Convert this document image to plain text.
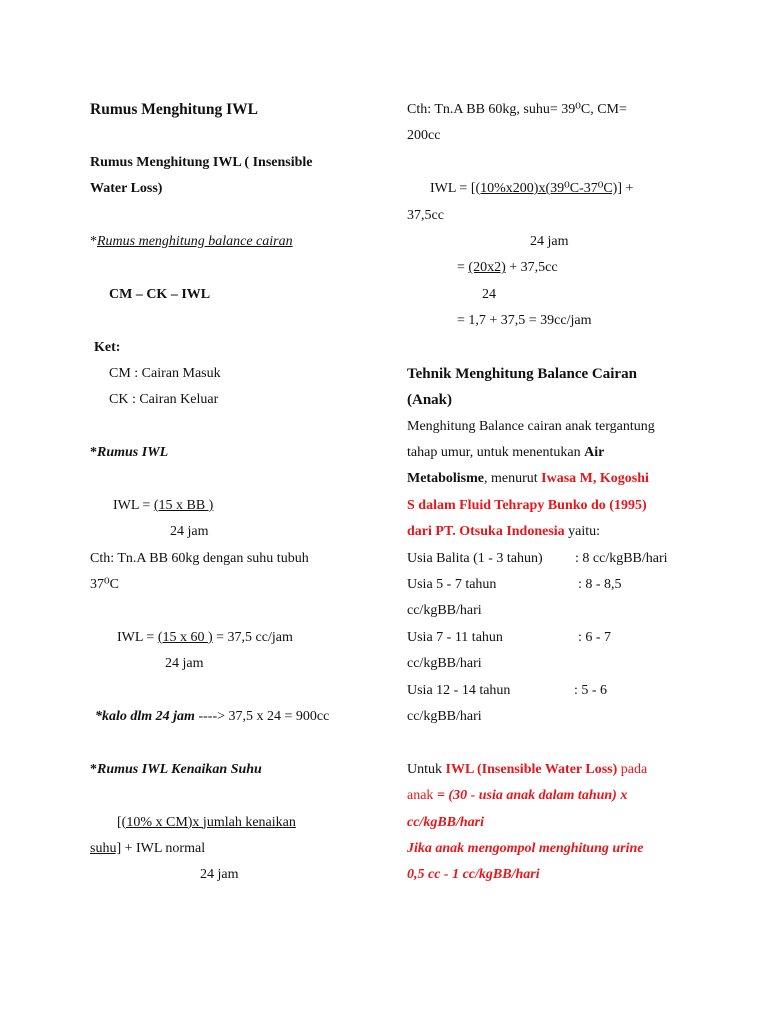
Rumus Menghitung IWL
Rumus Menghitung IWL ( Insensible
Water Loss)
*Rumus menghitung balance cairan
CM – CK – IWL
Ket:
CM : Cairan Masuk
CK : Cairan Keluar
*Rumus IWL
IWL = (15 x BB )
24 jam
Cth: Tn.A BB 60kg dengan suhu tubuh
37⁰C
IWL = (15 x 60 ) = 37,5 cc/jam
24 jam
*kalo dlm 24 jam ----> 37,5 x 24 = 900cc
*Rumus IWL Kenaikan Suhu
[(10% x CM)x jumlah kenaikan
suhu] + IWL normal
24 jam
Cth: Tn.A BB 60kg, suhu= 39⁰C, CM=
200cc
IWL = [(10%x200)x(39⁰C-37⁰C)] +
37,5cc
24 jam
= (20x2) + 37,5cc
24
= 1,7 + 37,5 = 39cc/jam
Tehnik Menghitung Balance Cairan
(Anak)
Menghitung Balance cairan anak tergantung
tahap umur, untuk menentukan Air
Metabolisme, menurut Iwasa M, Kogoshi
S dalam Fluid Tehrapy Bunko do (1995)
dari PT. Otsuka Indonesia yaitu:
Usia Balita (1 - 3 tahun) : 8 cc/kgBB/hari
Usia 5 - 7 tahun	: 8 - 8,5
cc/kgBB/hari
Usia 7 - 11 tahun	: 6 - 7
cc/kgBB/hari
Usia 12 - 14 tahun	: 5 - 6
cc/kgBB/hari
Untuk IWL (Insensible Water Loss) pada
anak = (30 - usia anak dalam tahun) x
cc/kgBB/hari
Jika anak mengompol menghitung urine
0,5 cc - 1 cc/kgBB/hari
